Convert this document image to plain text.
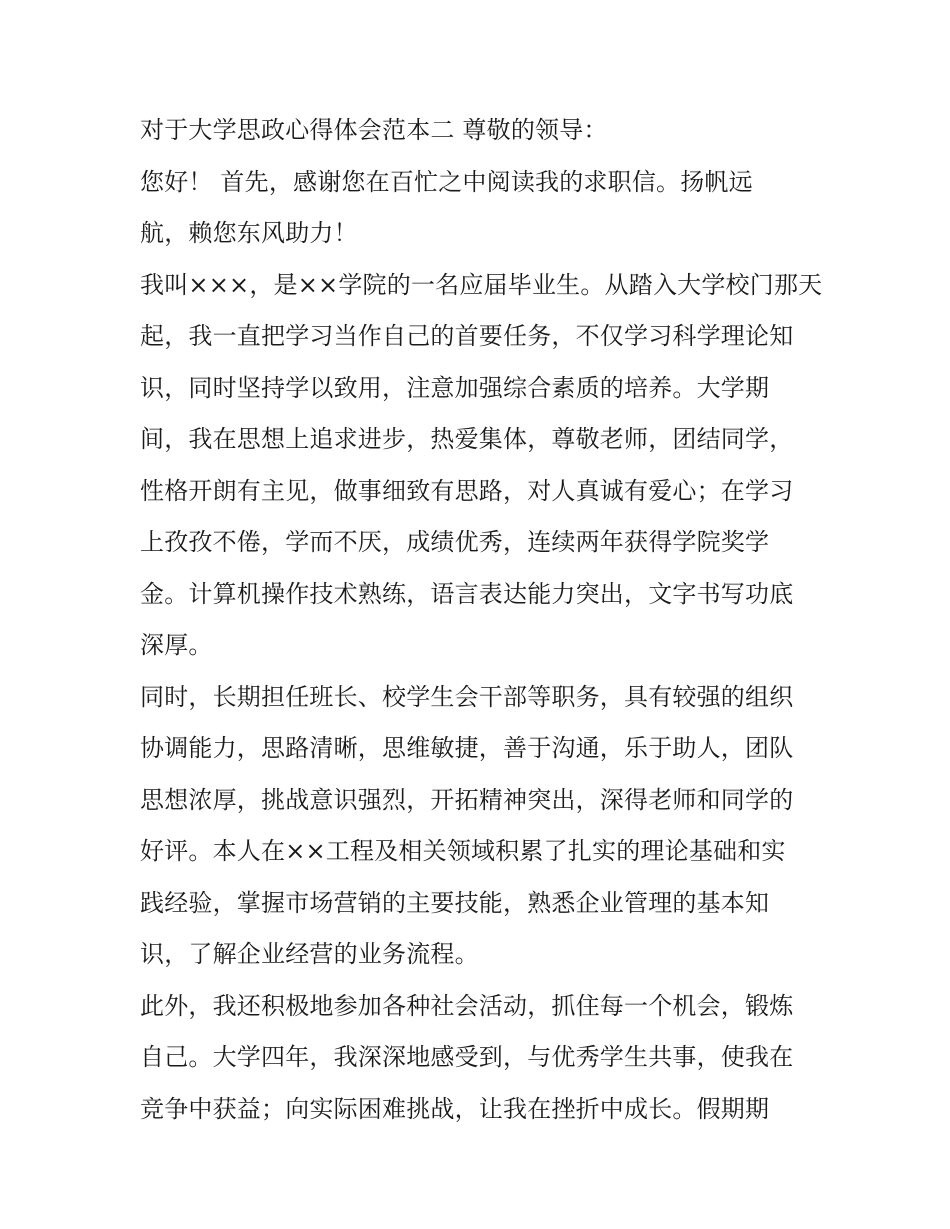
对于大学思政心得体会范本二 尊敬的领导：
您好！ 首先，感谢您在百忙之中阅读我的求职信。扬帆远
航，赖您东风助力！
我叫×××，是××学院的一名应届毕业生。从踏入大学校门那天
起，我一直把学习当作自己的首要任务，不仅学习科学理论知
识，同时坚持学以致用，注意加强综合素质的培养。大学期
间，我在思想上追求进步，热爱集体，尊敬老师，团结同学，
性格开朗有主见，做事细致有思路，对人真诚有爱心；在学习
上孜孜不倦，学而不厌，成绩优秀，连续两年获得学院奖学
金。计算机操作技术熟练，语言表达能力突出，文字书写功底
深厚。
同时，长期担任班长、校学生会干部等职务，具有较强的组织
协调能力，思路清晰，思维敏捷，善于沟通，乐于助人，团队
思想浓厚，挑战意识强烈，开拓精神突出，深得老师和同学的
好评。本人在××工程及相关领域积累了扎实的理论基础和实
践经验，掌握市场营销的主要技能，熟悉企业管理的基本知
识，了解企业经营的业务流程。
此外，我还积极地参加各种社会活动，抓住每一个机会，锻炼
自己。大学四年，我深深地感受到，与优秀学生共事，使我在
竞争中获益；向实际困难挑战，让我在挫折中成长。假期期
